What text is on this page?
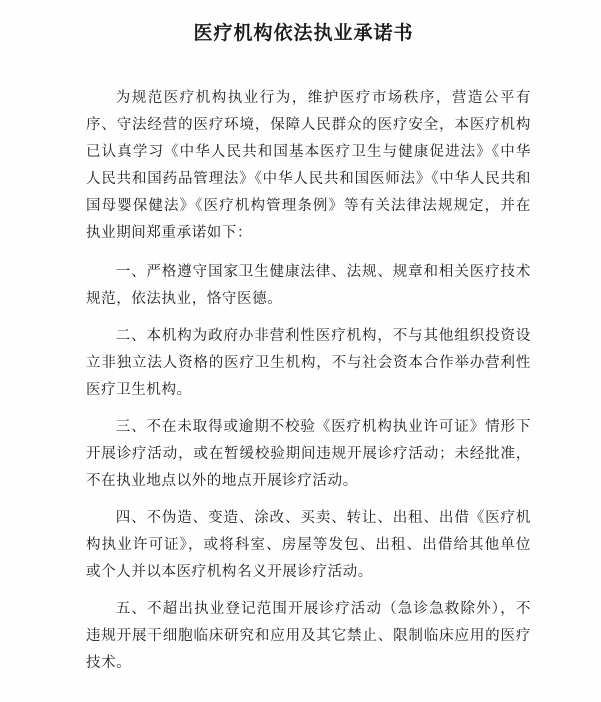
医疗机构依法执业承诺书

为规范医疗机构执业行为，维护医疗市场秩序，营造公平有序、守法经营的医疗环境，保障人民群众的医疗安全，本医疗机构已认真学习《中华人民共和国基本医疗卫生与健康促进法》《中华人民共和国药品管理法》《中华人民共和国医师法》《中华人民共和国母婴保健法》《医疗机构管理条例》等有关法律法规规定，并在执业期间郑重承诺如下：

一、严格遵守国家卫生健康法律、法规、规章和相关医疗技术规范，依法执业，恪守医德。

二、本机构为政府办非营利性医疗机构，不与其他组织投资设立非独立法人资格的医疗卫生机构，不与社会资本合作举办营利性医疗卫生机构。

三、不在未取得或逾期不校验《医疗机构执业许可证》情形下开展诊疗活动，或在暂缓校验期间违规开展诊疗活动；未经批准，不在执业地点以外的地点开展诊疗活动。

四、不伪造、变造、涂改、买卖、转让、出租、出借《医疗机构执业许可证》，或将科室、房屋等发包、出租、出借给其他单位或个人并以本医疗机构名义开展诊疗活动。

五、不超出执业登记范围开展诊疗活动（急诊急救除外），不违规开展干细胞临床研究和应用及其它禁止、限制临床应用的医疗技术。
